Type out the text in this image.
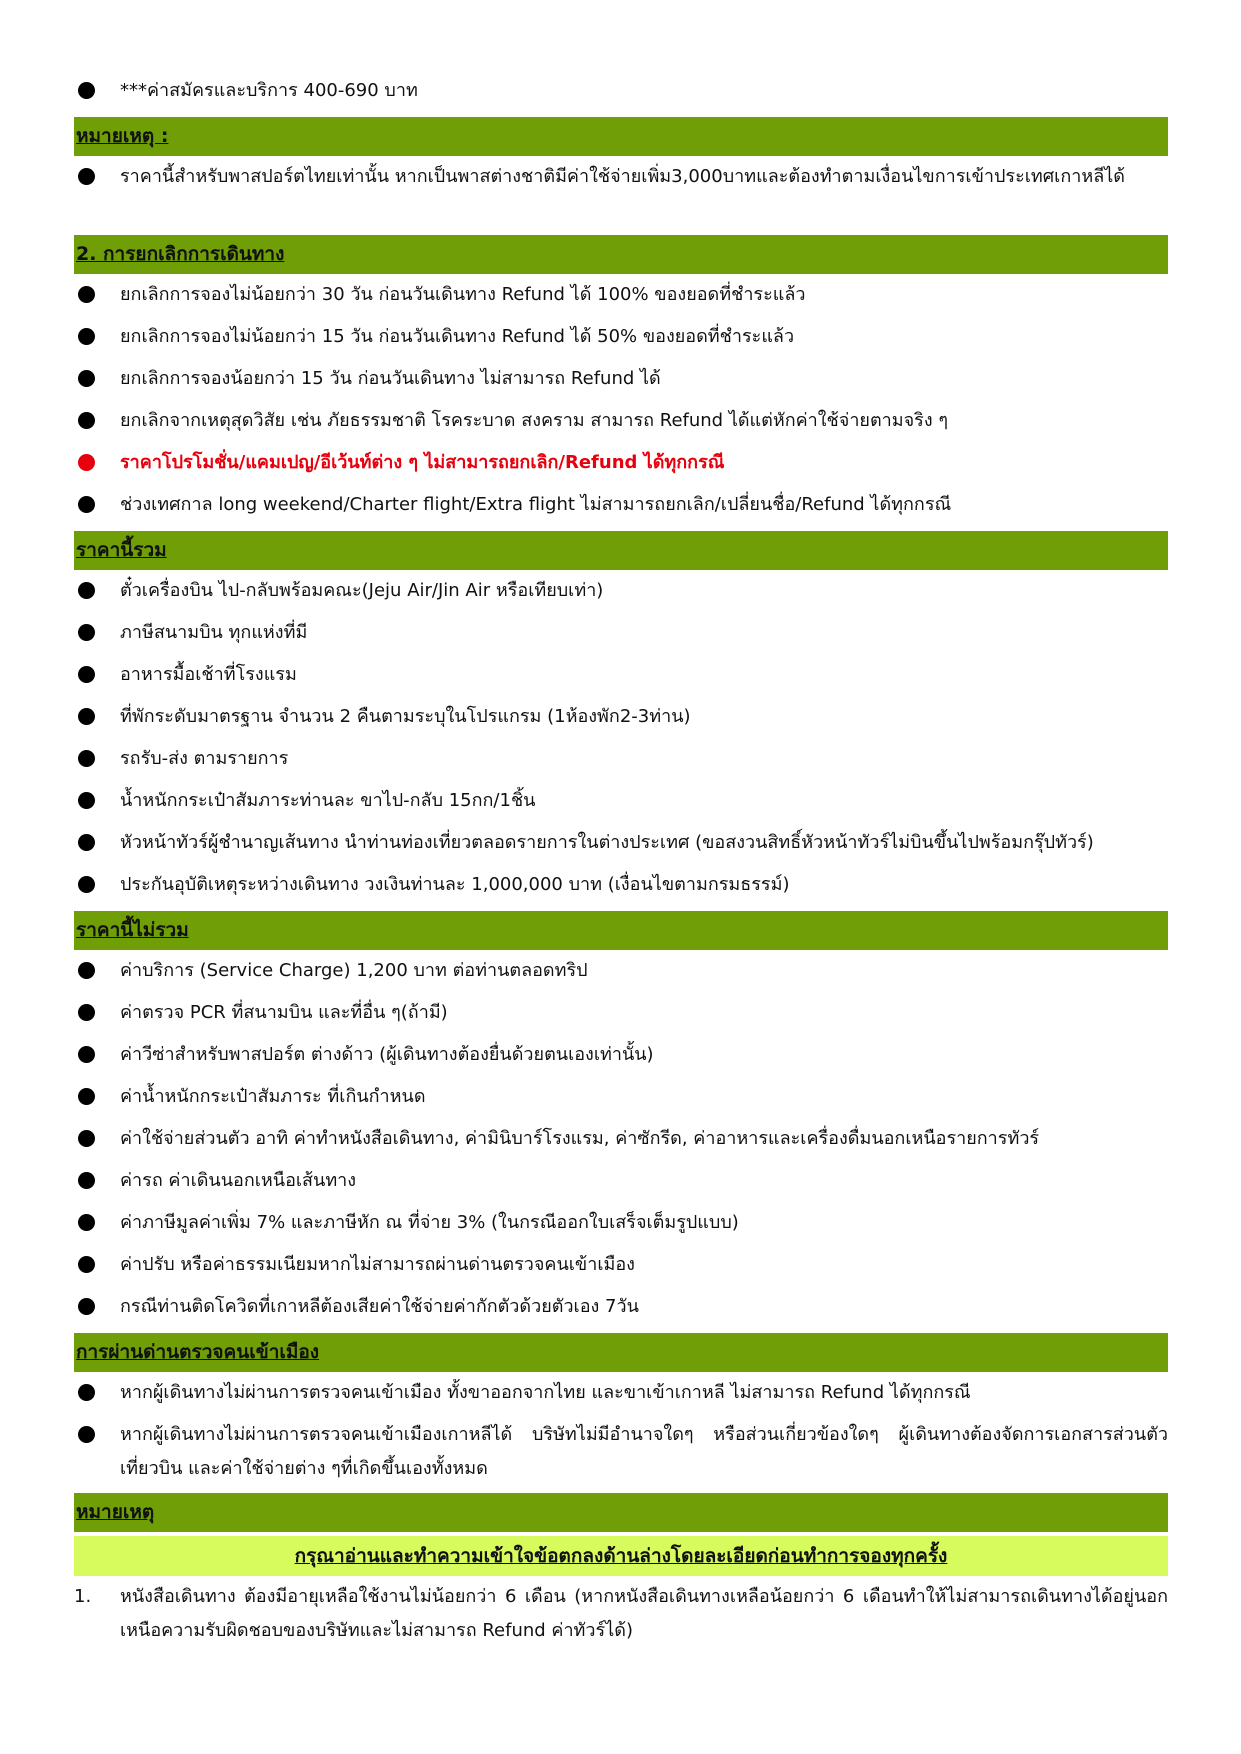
***ค่าสมัครและบริการ 400-690 บาท
หมายเหตุ :
ราคานี้สำหรับพาสปอร์ตไทยเท่านั้น หากเป็นพาสต่างชาติมีค่าใช้จ่ายเพิ่ม3,000บาทและต้องทำตามเงื่อนไขการเข้าประเทศเกาหลีได้
2. การยกเลิกการเดินทาง
ยกเลิกการจองไม่น้อยกว่า 30 วัน ก่อนวันเดินทาง Refund ได้ 100% ของยอดที่ชำระแล้ว
ยกเลิกการจองไม่น้อยกว่า 15 วัน ก่อนวันเดินทาง Refund ได้ 50% ของยอดที่ชำระแล้ว
ยกเลิกการจองน้อยกว่า 15 วัน ก่อนวันเดินทาง ไม่สามารถ Refund ได้
ยกเลิกจากเหตุสุดวิสัย เช่น ภัยธรรมชาติ โรคระบาด สงคราม สามารถ Refund ได้แต่หักค่าใช้จ่ายตามจริง ๆ
ราคาโปรโมชั่น/แคมเปญ/อีเว้นท์ต่าง ๆ ไม่สามารถยกเลิก/Refund ได้ทุกกรณี
ช่วงเทศกาล long weekend/Charter flight/Extra flight ไม่สามารถยกเลิก/เปลี่ยนชื่อ/Refund ได้ทุกกรณี
ราคานี้รวม
ตั๋วเครื่องบิน ไป-กลับพร้อมคณะ(Jeju Air/Jin Air หรือเทียบเท่า)
ภาษีสนามบิน ทุกแห่งที่มี
อาหารมื้อเช้าที่โรงแรม
ที่พักระดับมาตรฐาน จำนวน 2 คืนตามระบุในโปรแกรม (1ห้องพัก2-3ท่าน)
รถรับ-ส่ง ตามรายการ
น้ำหนักกระเป๋าสัมภาระท่านละ ขาไป-กลับ 15กก/1ชิ้น
หัวหน้าทัวร์ผู้ชำนาญเส้นทาง นำท่านท่องเที่ยวตลอดรายการในต่างประเทศ (ขอสงวนสิทธิ์หัวหน้าทัวร์ไม่บินขึ้นไปพร้อมกรุ๊ปทัวร์)
ประกันอุบัติเหตุระหว่างเดินทาง วงเงินท่านละ 1,000,000 บาท (เงื่อนไขตามกรมธรรม์)
ราคานี้ไม่รวม
ค่าบริการ (Service Charge) 1,200 บาท ต่อท่านตลอดทริป
ค่าตรวจ PCR ที่สนามบิน และที่อื่น ๆ(ถ้ามี)
ค่าวีซ่าสำหรับพาสปอร์ต ต่างด้าว (ผู้เดินทางต้องยื่นด้วยตนเองเท่านั้น)
ค่าน้ำหนักกระเป๋าสัมภาระ ที่เกินกำหนด
ค่าใช้จ่ายส่วนตัว อาทิ ค่าทำหนังสือเดินทาง, ค่ามินิบาร์โรงแรม, ค่าซักรีด, ค่าอาหารและเครื่องดื่มนอกเหนือรายการทัวร์
ค่ารถ ค่าเดินนอกเหนือเส้นทาง
ค่าภาษีมูลค่าเพิ่ม 7% และภาษีหัก ณ ที่จ่าย 3% (ในกรณีออกใบเสร็จเต็มรูปแบบ)
ค่าปรับ หรือค่าธรรมเนียมหากไม่สามารถผ่านด่านตรวจคนเข้าเมือง
กรณีท่านติดโควิดที่เกาหลีต้องเสียค่าใช้จ่ายค่ากักตัวด้วยตัวเอง 7วัน
การผ่านด่านตรวจคนเข้าเมือง
หากผู้เดินทางไม่ผ่านการตรวจคนเข้าเมือง ทั้งขาออกจากไทย และขาเข้าเกาหลี ไม่สามารถ Refund ได้ทุกกรณี
หากผู้เดินทางไม่ผ่านการตรวจคนเข้าเมืองเกาหลีได้ บริษัทไม่มีอำนาจใดๆ หรือส่วนเกี่ยวข้องใดๆ ผู้เดินทางต้องจัดการเอกสารส่วนตัว เที่ยวบิน และค่าใช้จ่ายต่าง ๆที่เกิดขึ้นเองทั้งหมด
หมายเหตุ
กรุณาอ่านและทำความเข้าใจข้อตกลงด้านล่างโดยละเอียดก่อนทำการจองทุกครั้ง
1.	หนังสือเดินทาง ต้องมีอายุเหลือใช้งานไม่น้อยกว่า 6 เดือน (หากหนังสือเดินทางเหลือน้อยกว่า 6 เดือนทำให้ไม่สามารถเดินทางได้อยู่นอกเหนือความรับผิดชอบของบริษัทและไม่สามารถ Refund ค่าทัวร์ได้)
